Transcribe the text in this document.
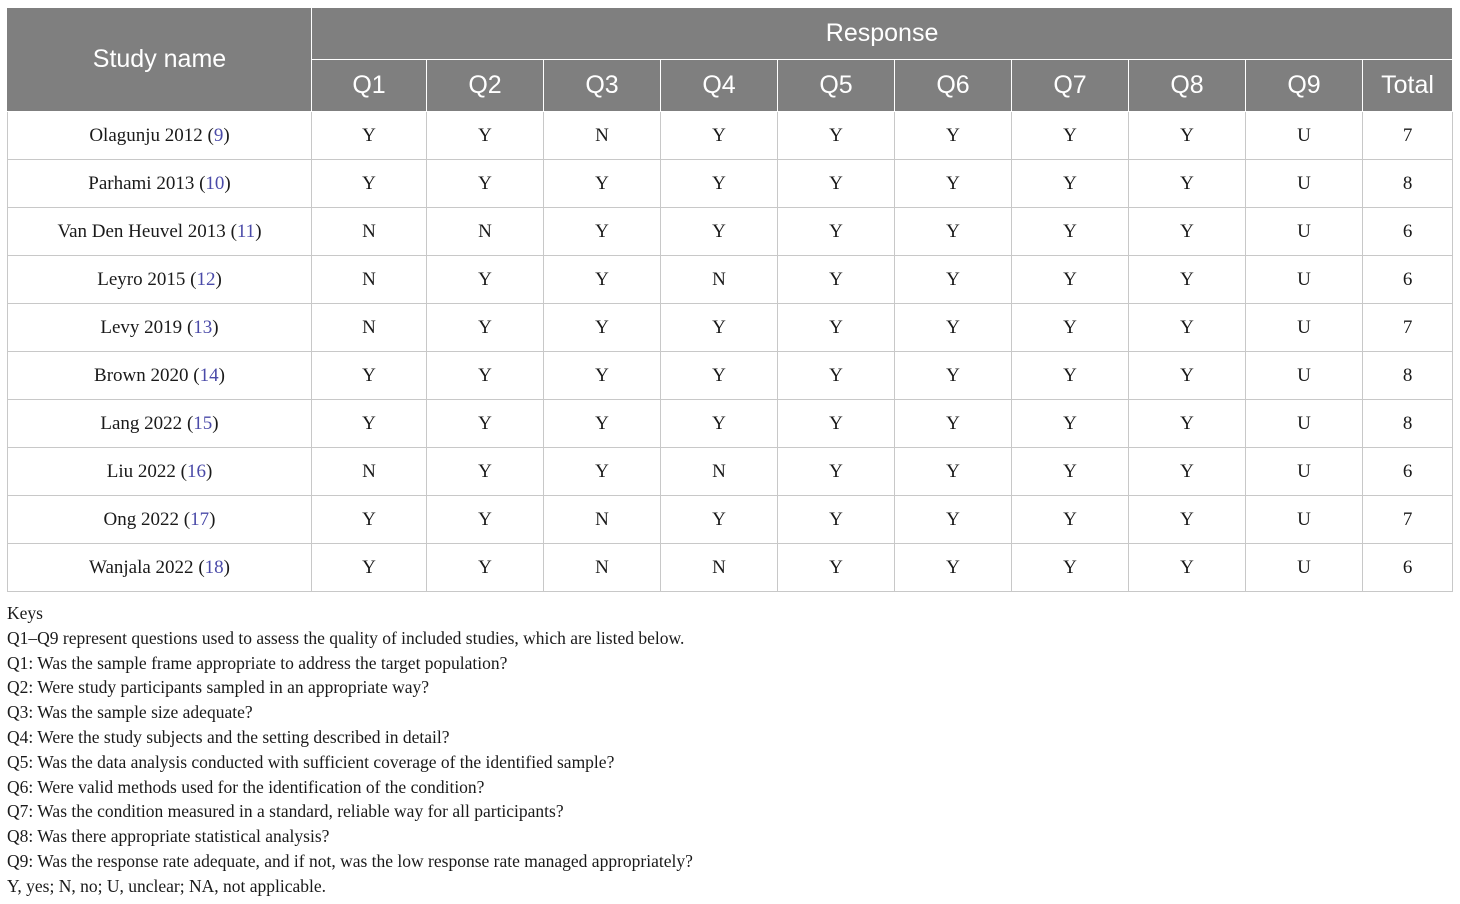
Study name	Response									
	Q1	Q2	Q3	Q4	Q5	Q6	Q7	Q8	Q9	Total
Olagunju 2012 (9)	Y	Y	N	Y	Y	Y	Y	Y	U	7
Parhami 2013 (10)	Y	Y	Y	Y	Y	Y	Y	Y	U	8
Van Den Heuvel 2013 (11)	N	N	Y	Y	Y	Y	Y	Y	U	6
Leyro 2015 (12)	N	Y	Y	N	Y	Y	Y	Y	U	6
Levy 2019 (13)	N	Y	Y	Y	Y	Y	Y	Y	U	7
Brown 2020 (14)	Y	Y	Y	Y	Y	Y	Y	Y	U	8
Lang 2022 (15)	Y	Y	Y	Y	Y	Y	Y	Y	U	8
Liu 2022 (16)	N	Y	Y	N	Y	Y	Y	Y	U	6
Ong 2022 (17)	Y	Y	N	Y	Y	Y	Y	Y	U	7
Wanjala 2022 (18)	Y	Y	N	N	Y	Y	Y	Y	U	6
Keys
Q1–Q9 represent questions used to assess the quality of included studies, which are listed below.
Q1: Was the sample frame appropriate to address the target population?
Q2: Were study participants sampled in an appropriate way?
Q3: Was the sample size adequate?
Q4: Were the study subjects and the setting described in detail?
Q5: Was the data analysis conducted with sufficient coverage of the identified sample?
Q6: Were valid methods used for the identification of the condition?
Q7: Was the condition measured in a standard, reliable way for all participants?
Q8: Was there appropriate statistical analysis?
Q9: Was the response rate adequate, and if not, was the low response rate managed appropriately?
Y, yes; N, no; U, unclear; NA, not applicable.
